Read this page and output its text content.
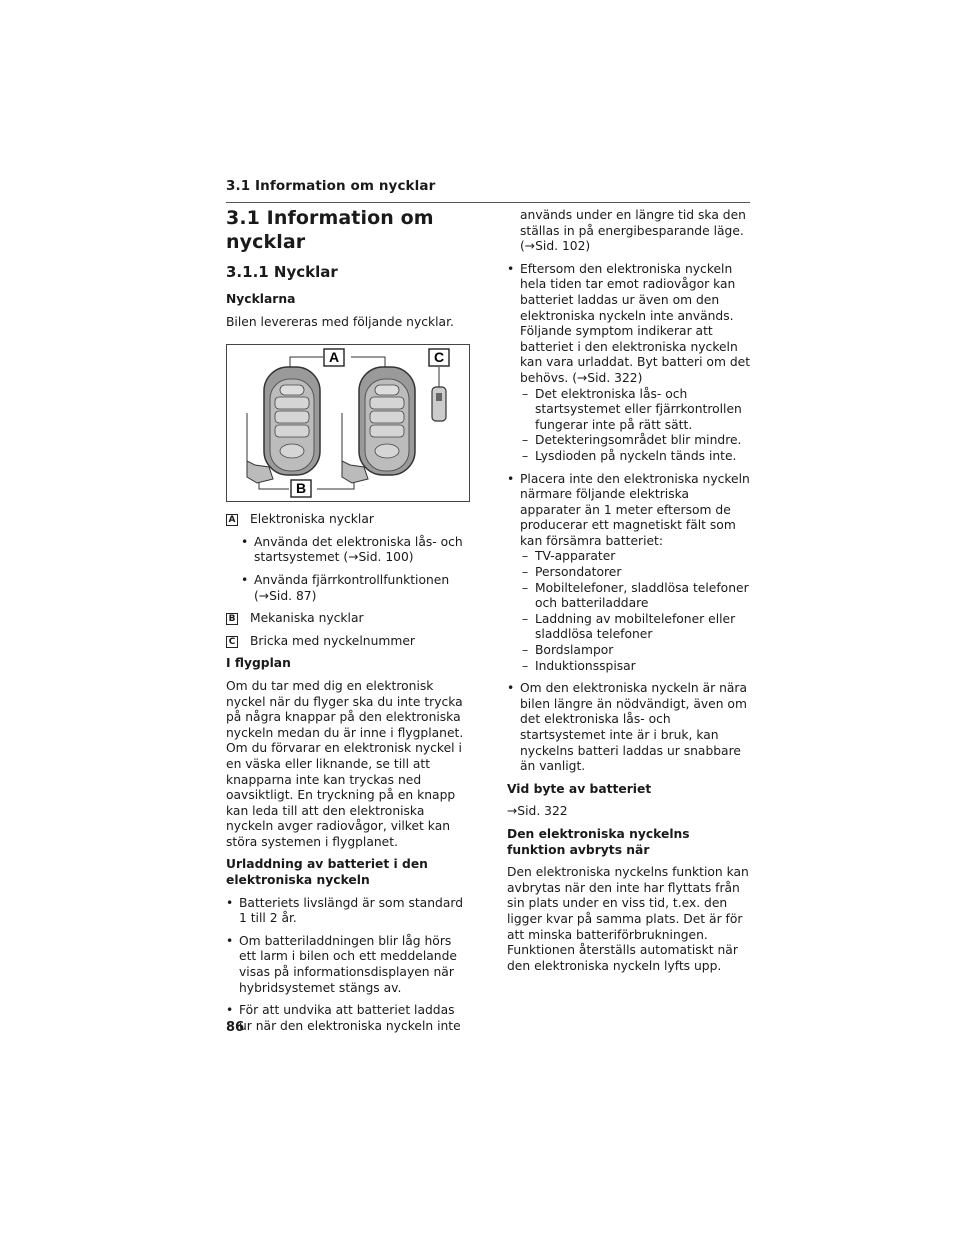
3.1 Information om nycklar
3.1 Information om nycklar
3.1.1 Nycklar
Nycklarna

Bilen levereras med följande nycklar.

A	C
B
A Elektroniska nycklar
• Använda det elektroniska lås- och startsystemet (→Sid. 100)
• Använda fjärrkontrollfunktionen (→Sid. 87)
B Mekaniska nycklar
C Bricka med nyckelnummer
I flygplan

Om du tar med dig en elektronisk nyckel när du flyger ska du inte trycka på några knappar på den elektroniska nyckeln medan du är inne i flygplanet. Om du förvarar en elektronisk nyckel i en väska eller liknande, se till att knapparna inte kan tryckas ned oavsiktligt. En tryckning på en knapp kan leda till att den elektroniska nyckeln avger radiovågor, vilket kan störa systemen i flygplanet.

Urladdning av batteriet i den elektroniska nyckeln
• Batteriets livslängd är som standard 1 till 2 år.
• Om batteriladdningen blir låg hörs ett larm i bilen och ett meddelande visas på informationsdisplayen när hybridsystemet stängs av.
• För att undvika att batteriet laddas ur när den elektroniska nyckeln inte

används under en längre tid ska den ställas in på energibesparande läge. (→Sid. 102)

• Eftersom den elektroniska nyckeln hela tiden tar emot radiovågor kan batteriet laddas ur även om den elektroniska nyckeln inte används. Följande symptom indikerar att batteriet i den elektroniska nyckeln kan vara urladdat. Byt batteri om det behövs. (→Sid. 322)
– Det elektroniska lås- och startsystemet eller fjärrkontrollen fungerar inte på rätt sätt.
– Detekteringsområdet blir mindre.
– Lysdioden på nyckeln tänds inte.
• Placera inte den elektroniska nyckeln närmare följande elektriska apparater än 1 meter eftersom de producerar ett magnetiskt fält som kan försämra batteriet:
– TV-apparater
– Persondatorer
– Mobiltelefoner, sladdlösa telefoner och batteriladdare
– Laddning av mobiltelefoner eller sladdlösa telefoner
– Bordslampor
– Induktionsspisar
• Om den elektroniska nyckeln är nära bilen längre än nödvändigt, även om det elektroniska lås- och startsystemet inte är i bruk, kan nyckelns batteri laddas ur snabbare än vanligt.
Vid byte av batteriet

→Sid. 322

Den elektroniska nyckelns funktion avbryts när

Den elektroniska nyckelns funktion kan avbrytas när den inte har flyttats från sin plats under en viss tid, t.ex. den ligger kvar på samma plats. Det är för att minska batteriförbrukningen. Funktionen återställs automatiskt när den elektroniska nyckeln lyfts upp.

86
